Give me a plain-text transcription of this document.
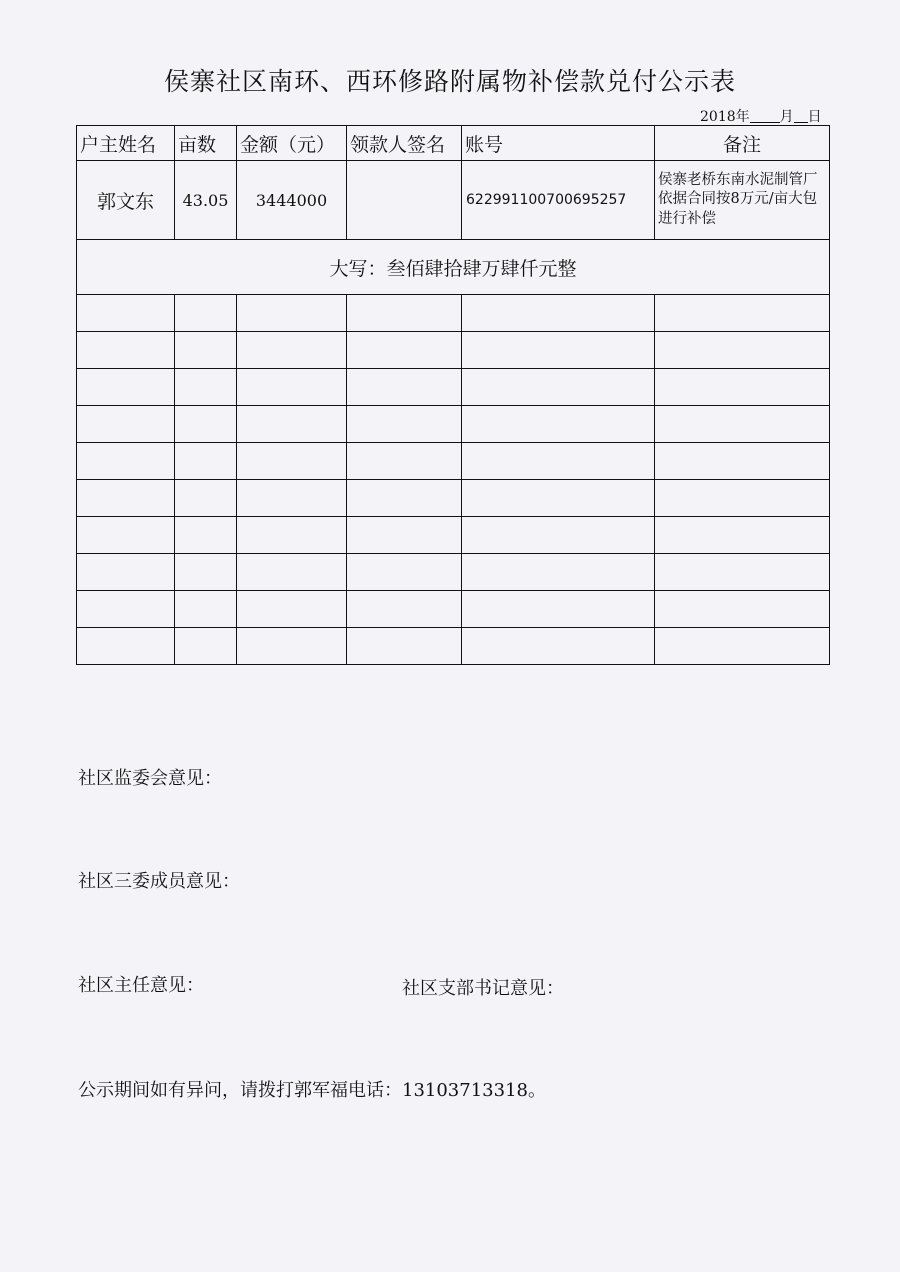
侯寨社区南环、西环修路附属物补偿款兑付公示表
2018年 月 日
户主姓名	亩数	金额（元）	领款人签名	账号	备注
郭文东	43.05	3444000		622991100700695257	侯寨老桥东南水泥制管厂依据合同按8万元/亩大包进行补偿
大写：叁佰肆拾肆万肆仟元整					

社区监委会意见：
社区三委成员意见：
社区主任意见：	社区支部书记意见：
公示期间如有异问，请拨打郭军福电话：13103713318。
